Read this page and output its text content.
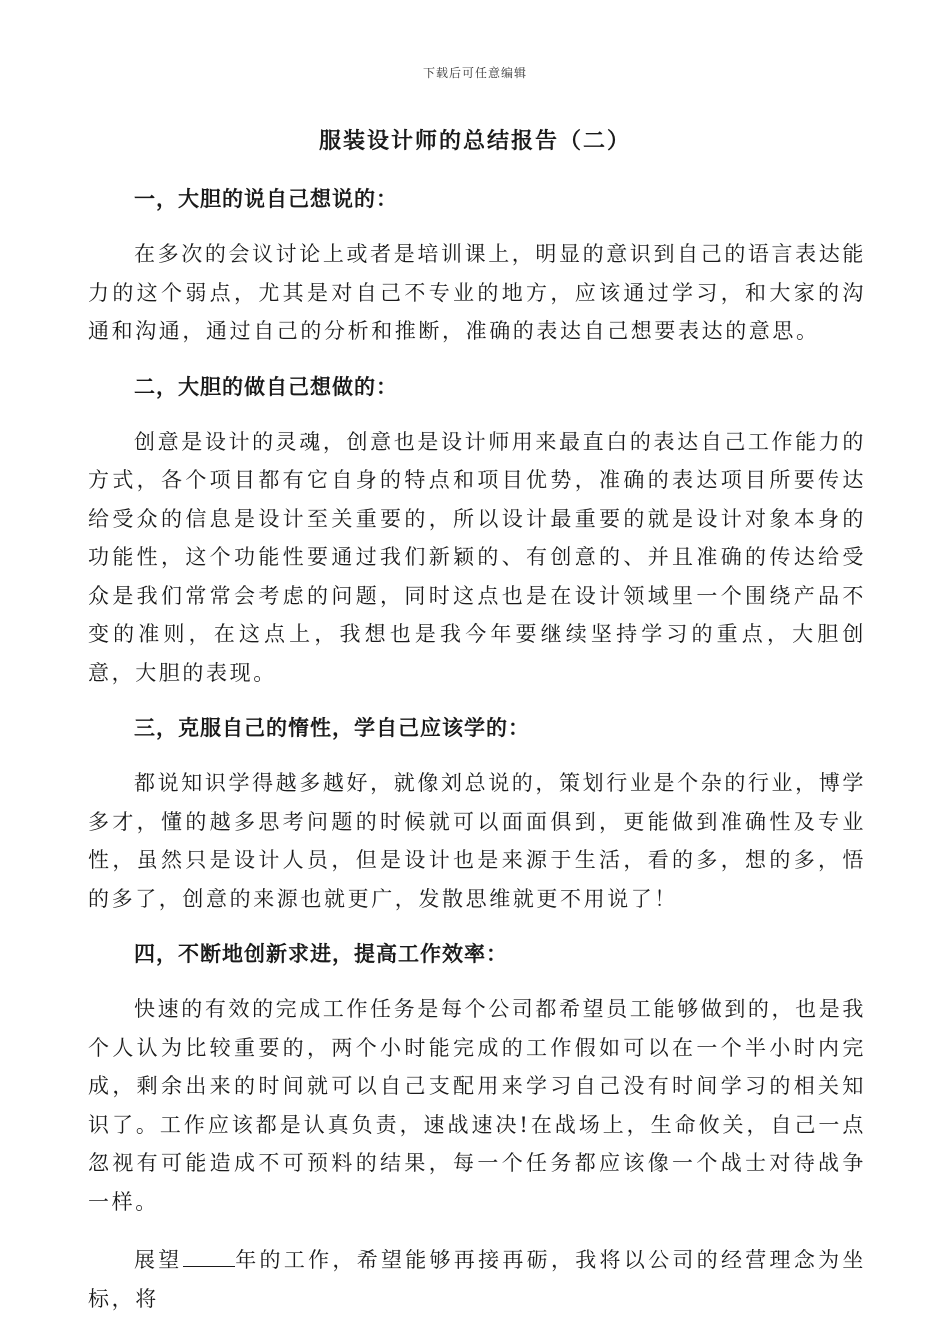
下载后可任意编辑
服装设计师的总结报告（二）

一，大胆的说自己想说的：

在多次的会议讨论上或者是培训课上，明显的意识到自己的语言表达能力的这个弱点，尤其是对自己不专业的地方，应该通过学习，和大家的沟通和沟通，通过自己的分析和推断，准确的表达自己想要表达的意思。

二，大胆的做自己想做的：

创意是设计的灵魂，创意也是设计师用来最直白的表达自己工作能力的方式，各个项目都有它自身的特点和项目优势，准确的表达项目所要传达给受众的信息是设计至关重要的，所以设计最重要的就是设计对象本身的功能性，这个功能性要通过我们新颖的、有创意的、并且准确的传达给受众是我们常常会考虑的问题，同时这点也是在设计领域里一个围绕产品不变的准则，在这点上，我想也是我今年要继续坚持学习的重点，大胆创意，大胆的表现。

三，克服自己的惰性，学自己应该学的：

都说知识学得越多越好，就像刘总说的，策划行业是个杂的行业，博学多才，懂的越多思考问题的时候就可以面面俱到，更能做到准确性及专业性，虽然只是设计人员，但是设计也是来源于生活，看的多，想的多，悟的多了，创意的来源也就更广，发散思维就更不用说了！

四，不断地创新求进，提高工作效率：

快速的有效的完成工作任务是每个公司都希望员工能够做到的，也是我个人认为比较重要的，两个小时能完成的工作假如可以在一个半小时内完成，剩余出来的时间就可以自己支配用来学习自己没有时间学习的相关知识了。工作应该都是认真负责，速战速决!在战场上，生命攸关，自己一点忽视有可能造成不可预料的结果，每一个任务都应该像一个战士对待战争一样。

展望 年的工作，希望能够再接再砺，我将以公司的经营理念为坐标，将
